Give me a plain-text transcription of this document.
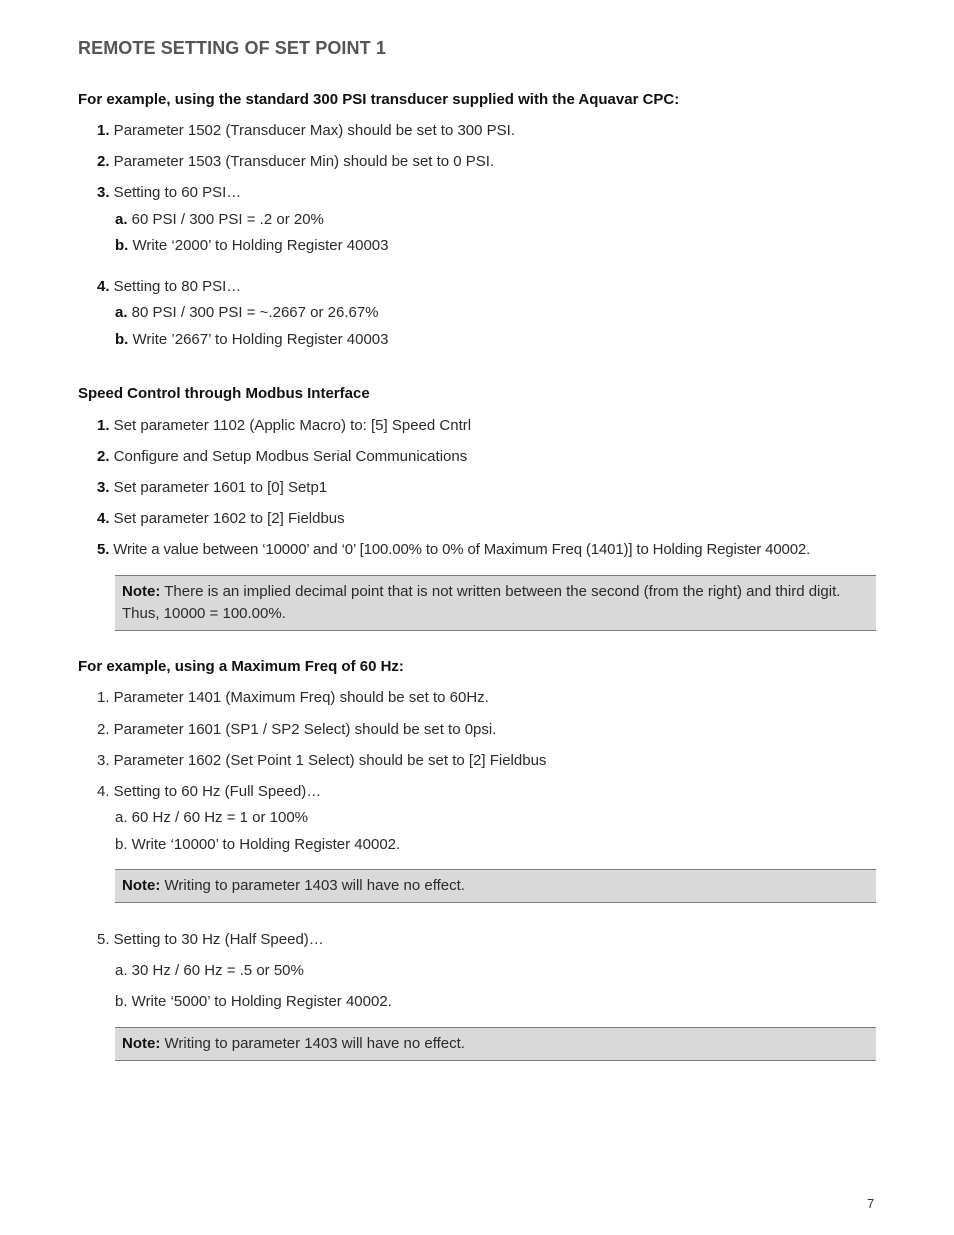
REMOTE SETTING OF SET POINT 1
For example, using the standard 300 PSI transducer supplied with the Aquavar CPC:
1. Parameter 1502 (Transducer Max) should be set to 300 PSI.
2. Parameter 1503 (Transducer Min) should be set to 0 PSI.
3. Setting to 60 PSI…
a. 60 PSI / 300 PSI = .2 or 20%
b. Write ‘2000’ to Holding Register 40003
4. Setting to 80 PSI…
a. 80 PSI / 300 PSI = ~.2667 or 26.67%
b. Write ’2667’ to Holding Register 40003
Speed Control through Modbus Interface
1. Set parameter 1102 (Applic Macro) to: [5] Speed Cntrl
2. Configure and Setup Modbus Serial Communications
3. Set parameter 1601 to [0] Setp1
4. Set parameter 1602 to [2] Fieldbus
5. Write a value between ‘10000’ and ‘0’ [100.00% to 0% of Maximum Freq (1401)] to Holding Register 40002.
Note: There is an implied decimal point that is not written between the second (from the right) and third digit. Thus, 10000 = 100.00%.
For example, using a Maximum Freq of 60 Hz:
1. Parameter 1401 (Maximum Freq) should be set to 60Hz.
2. Parameter 1601 (SP1 / SP2 Select) should be set to 0psi.
3. Parameter 1602 (Set Point 1 Select) should be set to [2] Fieldbus
4. Setting to 60 Hz (Full Speed)…
a. 60 Hz / 60 Hz = 1 or 100%
b. Write ‘10000’ to Holding Register 40002.
Note: Writing to parameter 1403 will have no effect.
5. Setting to 30 Hz (Half Speed)…
a. 30 Hz / 60 Hz = .5 or 50%
b. Write ‘5000’ to Holding Register 40002.
Note: Writing to parameter 1403 will have no effect.
7
